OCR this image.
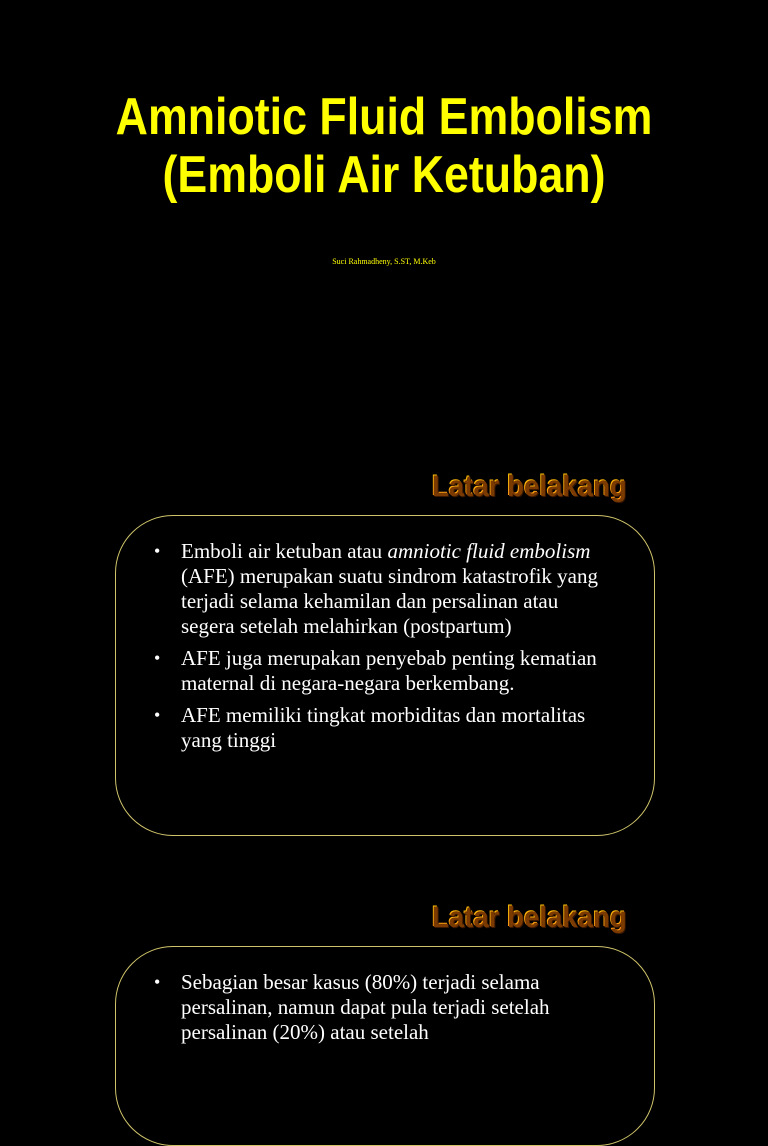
Amniotic Fluid Embolism
(Emboli Air Ketuban)
Suci Rahmadheny, S.ST, M.Keb
Latar belakang
• Emboli air ketuban atau amniotic fluid embolism (AFE) merupakan suatu sindrom katastrofik yang terjadi selama kehamilan dan persalinan atau segera setelah melahirkan (postpartum)
• AFE juga merupakan penyebab penting kematian maternal di negara-negara berkembang.
• AFE memiliki tingkat morbiditas dan mortalitas yang tinggi
Latar belakang
• Sebagian besar kasus (80%) terjadi selama persalinan, namun dapat pula terjadi setelah persalinan (20%) atau setelah
